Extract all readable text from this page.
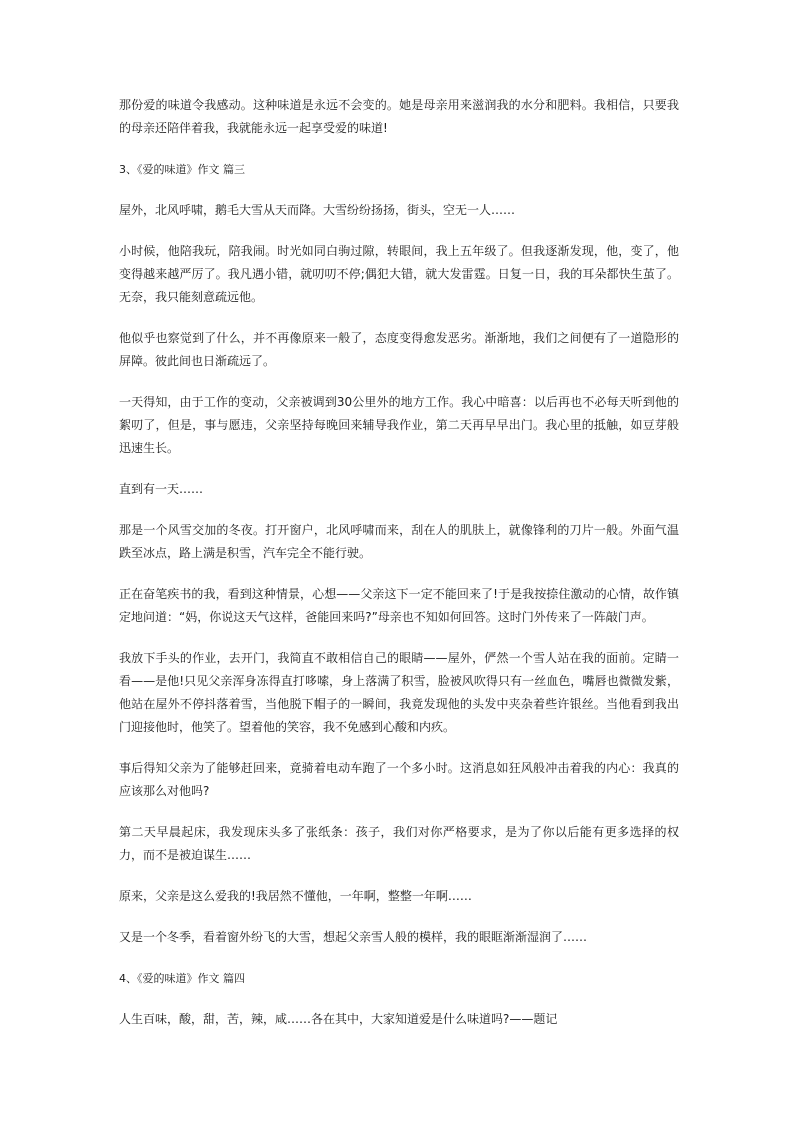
那份爱的味道令我感动。这种味道是永远不会变的。她是母亲用来滋润我的水分和肥料。我相信，只要我的母亲还陪伴着我，我就能永远一起享受爱的味道!

3、《爱的味道》作文 篇三

屋外，北风呼啸，鹅毛大雪从天而降。大雪纷纷扬扬，街头，空无一人……

小时候，他陪我玩，陪我闹。时光如同白驹过隙，转眼间，我上五年级了。但我逐渐发现，他，变了，他变得越来越严厉了。我凡遇小错，就叨叨不停;偶犯大错，就大发雷霆。日复一日，我的耳朵都快生茧了。无奈，我只能刻意疏远他。

他似乎也察觉到了什么，并不再像原来一般了，态度变得愈发恶劣。渐渐地，我们之间便有了一道隐形的屏障。彼此间也日渐疏远了。

一天得知，由于工作的变动，父亲被调到30公里外的地方工作。我心中暗喜：以后再也不必每天听到他的絮叨了，但是，事与愿违，父亲坚持每晚回来辅导我作业，第二天再早早出门。我心里的抵触，如豆芽般迅速生长。

直到有一天……

那是一个风雪交加的冬夜。打开窗户，北风呼啸而来，刮在人的肌肤上，就像锋利的刀片一般。外面气温跌至冰点，路上满是积雪，汽车完全不能行驶。

正在奋笔疾书的我，看到这种情景，心想——父亲这下一定不能回来了!于是我按捺住激动的心情，故作镇定地问道：“妈，你说这天气这样，爸能回来吗?”母亲也不知如何回答。这时门外传来了一阵敲门声。

我放下手头的作业，去开门，我简直不敢相信自己的眼睛——屋外，俨然一个雪人站在我的面前。定睛一看——是他!只见父亲浑身冻得直打哆嗦，身上落满了积雪，脸被风吹得只有一丝血色，嘴唇也微微发紫，他站在屋外不停抖落着雪，当他脱下帽子的一瞬间，我竟发现他的头发中夹杂着些许银丝。当他看到我出门迎接他时，他笑了。望着他的笑容，我不免感到心酸和内疚。

事后得知父亲为了能够赶回来，竟骑着电动车跑了一个多小时。这消息如狂风般冲击着我的内心：我真的应该那么对他吗?

第二天早晨起床，我发现床头多了张纸条：孩子，我们对你严格要求，是为了你以后能有更多选择的权力，而不是被迫谋生……

原来，父亲是这么爱我的!我居然不懂他，一年啊，整整一年啊……

又是一个冬季，看着窗外纷飞的大雪，想起父亲雪人般的模样，我的眼眶渐渐湿润了……

4、《爱的味道》作文 篇四

人生百味，酸，甜，苦，辣，咸……各在其中，大家知道爱是什么味道吗?——题记
